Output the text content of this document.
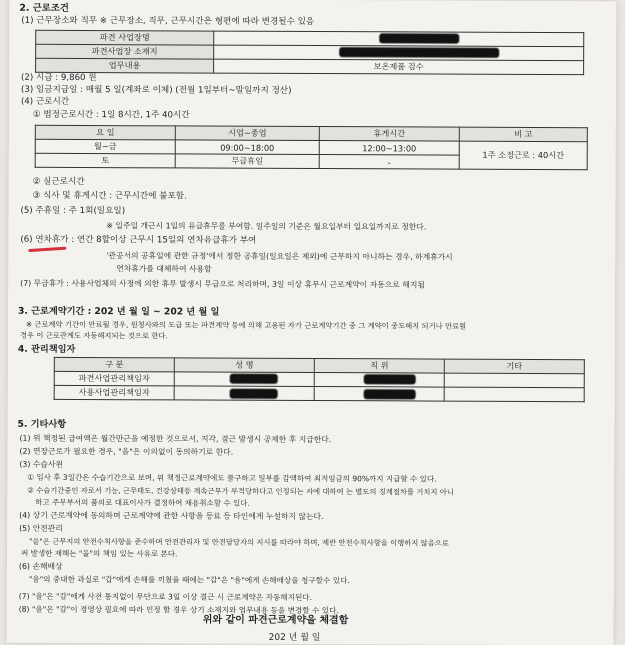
2. 근로조건
(1) 근무장소와 직무 ※ 근무장소, 직무, 근무시간은 형편에 따라 변경될수 있음
파견 사업장명	
파견사업장 소재지	
업무내용	보온제품 검수
(2) 시급 : 9,860 원
(3) 임금지급일 : 매월 5 일(계좌로 이체) (전월 1일부터~말일까지 정산)
(4) 근로시간
① 법정근로시간 : 1일 8시간, 1주 40시간
요 일	시업~종업	휴게시간	비 고
월~금	09:00~18:00	12:00~13:00	1주 소정근로 : 40시간
토	무급휴일	-	
② 실근로시간
③ 식사 및 휴게시간 : 근무시간에 불포함.
(5) 주휴일 : 주 1회(일요일)
※ 일주일 개근시 1일의 유급휴무를 부여함. 일주일의 기준은 월요일부터 일요일까지로 정한다.
(6) 연차휴가 : 연간 8할이상 근무시 15일의 연차유급휴가 부여
'관공서의 공휴일에 관한 규정'에서 정한 공휴일(일요일은 제외)에 근무하지 아니하는 경우, 하계휴가시
연차휴가를 대체하여 사용함
(7) 무급휴가 : 사용사업체의 사정에 의한 휴무 발생시 무급으로 처리하며, 3일 이상 휴무시 근로계약이 자동으로 해지됨
3. 근로계약기간 : 202 년 월 일 ~ 202 년 월 일
※ 근로계약 기간이 만료될 경우, 원청사와의 도급 또는 파견계약 등에 의해 고용된 자가 근로계약기간 중 그 계약이 중도해지 되거나 만료될
경우 이 근로관계도 자동해지되는 것으로 한다.
4. 관리책임자
구 분	성 명	직 위	기타
파견사업관리책임자			
사용사업관리책임자			
5. 기타사항
(1) 위 책정된 급여액은 월간만근을 예정한 것으로서, 지각, 결근 발생시 공제한 후 지급한다.
(2) 연장근로가 필요한 경우, "을"은 이의없이 동의하기로 한다.
(3) 수습사원
① 입사 후 3일간은 수습기간으로 보며, 위 책정근로계약에도 불구하고 일부를 감액하여 최저임금의 90%까지 지급할 수 있다.
② 수습기간중인 자로서 기능, 근무태도, 건강상태등 계속근무가 부적당하다고 인정되는 자에 대하여 는 별도의 징계절차를 거치지 아니
하고 주무부서의 품의로 대표이사가 결정하여 채용취소할 수 있다.
(4) 상기 근로계약에 동의하며 근로계약에 관한 사항을 등료 등 타인에게 누설하지 않는다.
(5) 안전관리
"을"은 근무지의 안전수칙사항을 준수하며 안전관리자 및 안전담당자의 지시를 따라야 하며, 제반 안전수칙사항을 이행하지 않음으로
써 발생한 재해는 "을"의 책임 있는 사유로 본다.
(6) 손해배상
"을"의 중대한 과실로 "갑"에게 손해를 끼쳤을 때에는 "갑"은 "을"에게 손해배상을 청구할수 있다.
(7) "을"은 "갑"에게 사전 통지없이 무단으로 3일 이상 결근 시 근로계약은 자동해지된다.
(8) "을"은 "갑"이 경영상 필요에 따라 인정 할 경우 상기 소재지와 업무내용 등을 변경할 수 있다.
위와 같이 파견근로계약을 체결함
202 년 월 일
